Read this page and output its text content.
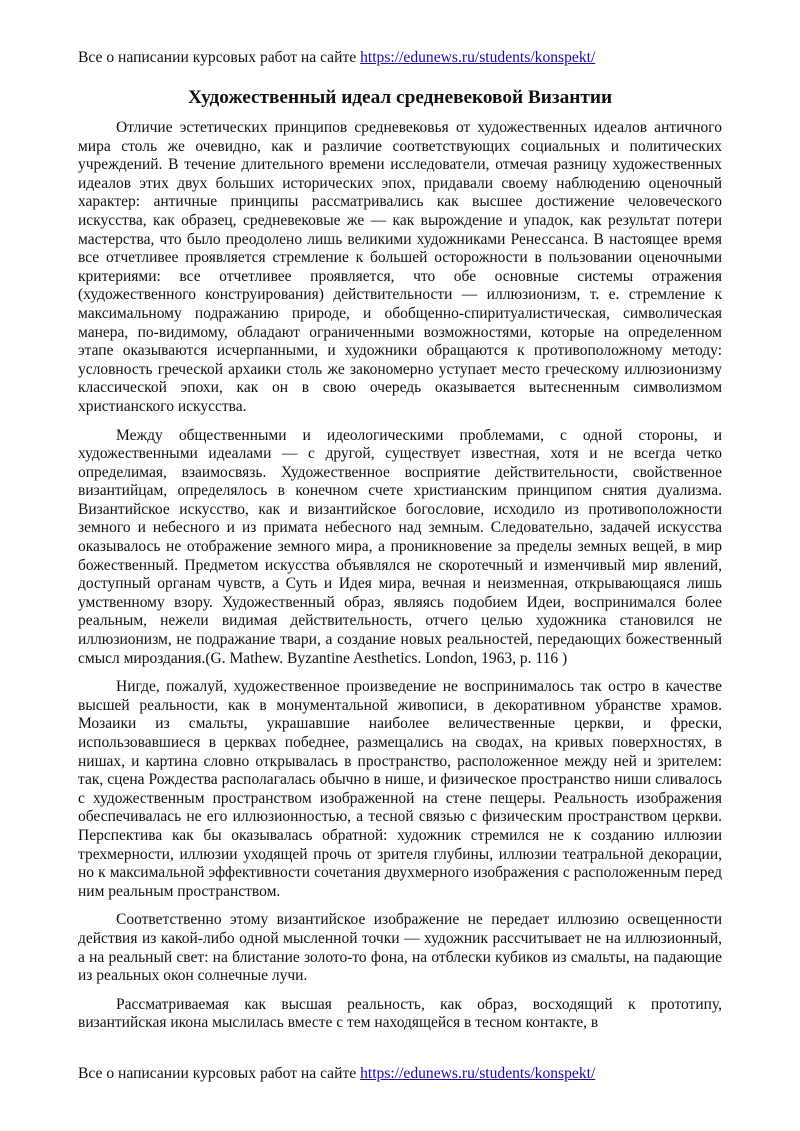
Все о написании курсовых работ на сайте https://edunews.ru/students/konspekt/
Художественный идеал средневековой Византии

Отличие эстетических принципов средневековья от художественных идеалов античного мира столь же очевидно, как и различие соответствующих социальных и политических учреждений. В течение длительного времени исследователи, отмечая разницу художественных идеалов этих двух больших исторических эпох, придавали своему наблюдению оценочный характер: античные принципы рассматривались как высшее достижение человеческого искусства, как образец, средневековые же — как вырождение и упадок, как результат потери мастерства, что было преодолено лишь великими художниками Ренессанса. В настоящее время все отчетливее проявляется стремление к большей осторожности в пользовании оценочными критериями: все отчетливее проявляется, что обе основные системы отражения (художественного конструирования) действительности — иллюзионизм, т. е. стремление к максимальному подражанию природе, и обобщенно-спиритуалистическая, символическая манера, по-видимому, обладают ограниченными возможностями, которые на определенном этапе оказываются исчерпанными, и художники обращаются к противоположному методу: условность греческой архаики столь же закономерно уступает место греческому иллюзионизму классической эпохи, как он в свою очередь оказывается вытесненным символизмом христианского искусства.

Между общественными и идеологическими проблемами, с одной стороны, и художественными идеалами — с другой, существует известная, хотя и не всегда четко определимая, взаимосвязь. Художественное восприятие действительности, свойственное византийцам, определялось в конечном счете христианским принципом снятия дуализма. Византийское искусство, как и византийское богословие, исходило из противоположности земного и небесного и из примата небесного над земным. Следовательно, задачей искусства оказывалось не отображение земного мира, а проникновение за пределы земных вещей, в мир божественный. Предметом искусства объявлялся не скоротечный и изменчивый мир явлений, доступный органам чувств, а Суть и Идея мира, вечная и неизменная, открывающаяся лишь умственному взору. Художественный образ, являясь подобием Идеи, воспринимался более реальным, нежели видимая действительность, отчего целью художника становился не иллюзионизм, не подражание твари, а создание новых реальностей, передающих божественный смысл мироздания.(G. Mathew. Byzantine Aesthetics. London, 1963, p. 116 )

Нигде, пожалуй, художественное произведение не воспринималось так остро в качестве высшей реальности, как в монументальной живописи, в декоративном убранстве храмов. Мозаики из смальты, украшавшие наиболее величественные церкви, и фрески, использовавшиеся в церквах победнее, размещались на сводах, на кривых поверхностях, в нишах, и картина словно открывалась в пространство, расположенное между ней и зрителем: так, сцена Рождества располагалась обычно в нише, и физическое пространство ниши сливалось с художественным пространством изображенной на стене пещеры. Реальность изображения обеспечивалась не его иллюзионностью, а тесной связью с физическим пространством церкви. Перспектива как бы оказывалась обратной: художник стремился не к созданию иллюзии трехмерности, иллюзии уходящей прочь от зрителя глубины, иллюзии театральной декорации, но к максимальной эффективности сочетания двухмерного изображения с расположенным перед ним реальным пространством.

Соответственно этому византийское изображение не передает иллюзию освещенности действия из какой-либо одной мысленной точки — художник рассчитывает не на иллюзионный, а на реальный свет: на блистание золото-то фона, на отблески кубиков из смальты, на падающие из реальных окон солнечные лучи.

Рассматриваемая как высшая реальность, как образ, восходящий к прототипу, византийская икона мыслилась вместе с тем находящейся в тесном контакте, в

Все о написании курсовых работ на сайте https://edunews.ru/students/konspekt/
